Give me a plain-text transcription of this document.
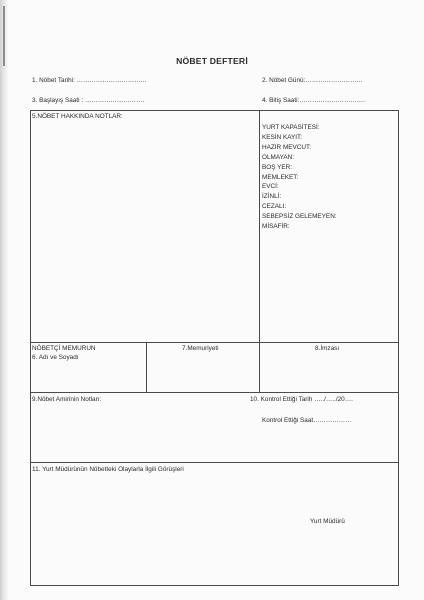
NÖBET DEFTERİ
1. Nöbet Tarihi: ……………………………	2. Nöbet Günü:………………………
3. Başlayış Saati : ……………………….	4. Bitiş Saati:………………………….
5.NÖBET HAKKINDA NOTLAR:
YURT KAPASİTESİ:
KESİN KAYIT:
HAZIR MEVCUT:
OLMAYAN:
BOŞ YER:
MEMLEKET:
EVCİ:
İZİNLİ:
CEZALI:
SEBEPSİZ GELEMEYEN:
MİSAFİR:
NÖBETÇİ MEMURUN
6. Adı ve Soyadı
7.Memuriyeti	8.İmzası
9.Nöbet Amirinin Notları:	10. Kontrol Ettiği Tarih …../…../20….
Kontrol Ettiği Saat………………
11. Yurt Müdürünün Nöbetteki Olaylarla İlgili Görüşleri
Yurt Müdürü
